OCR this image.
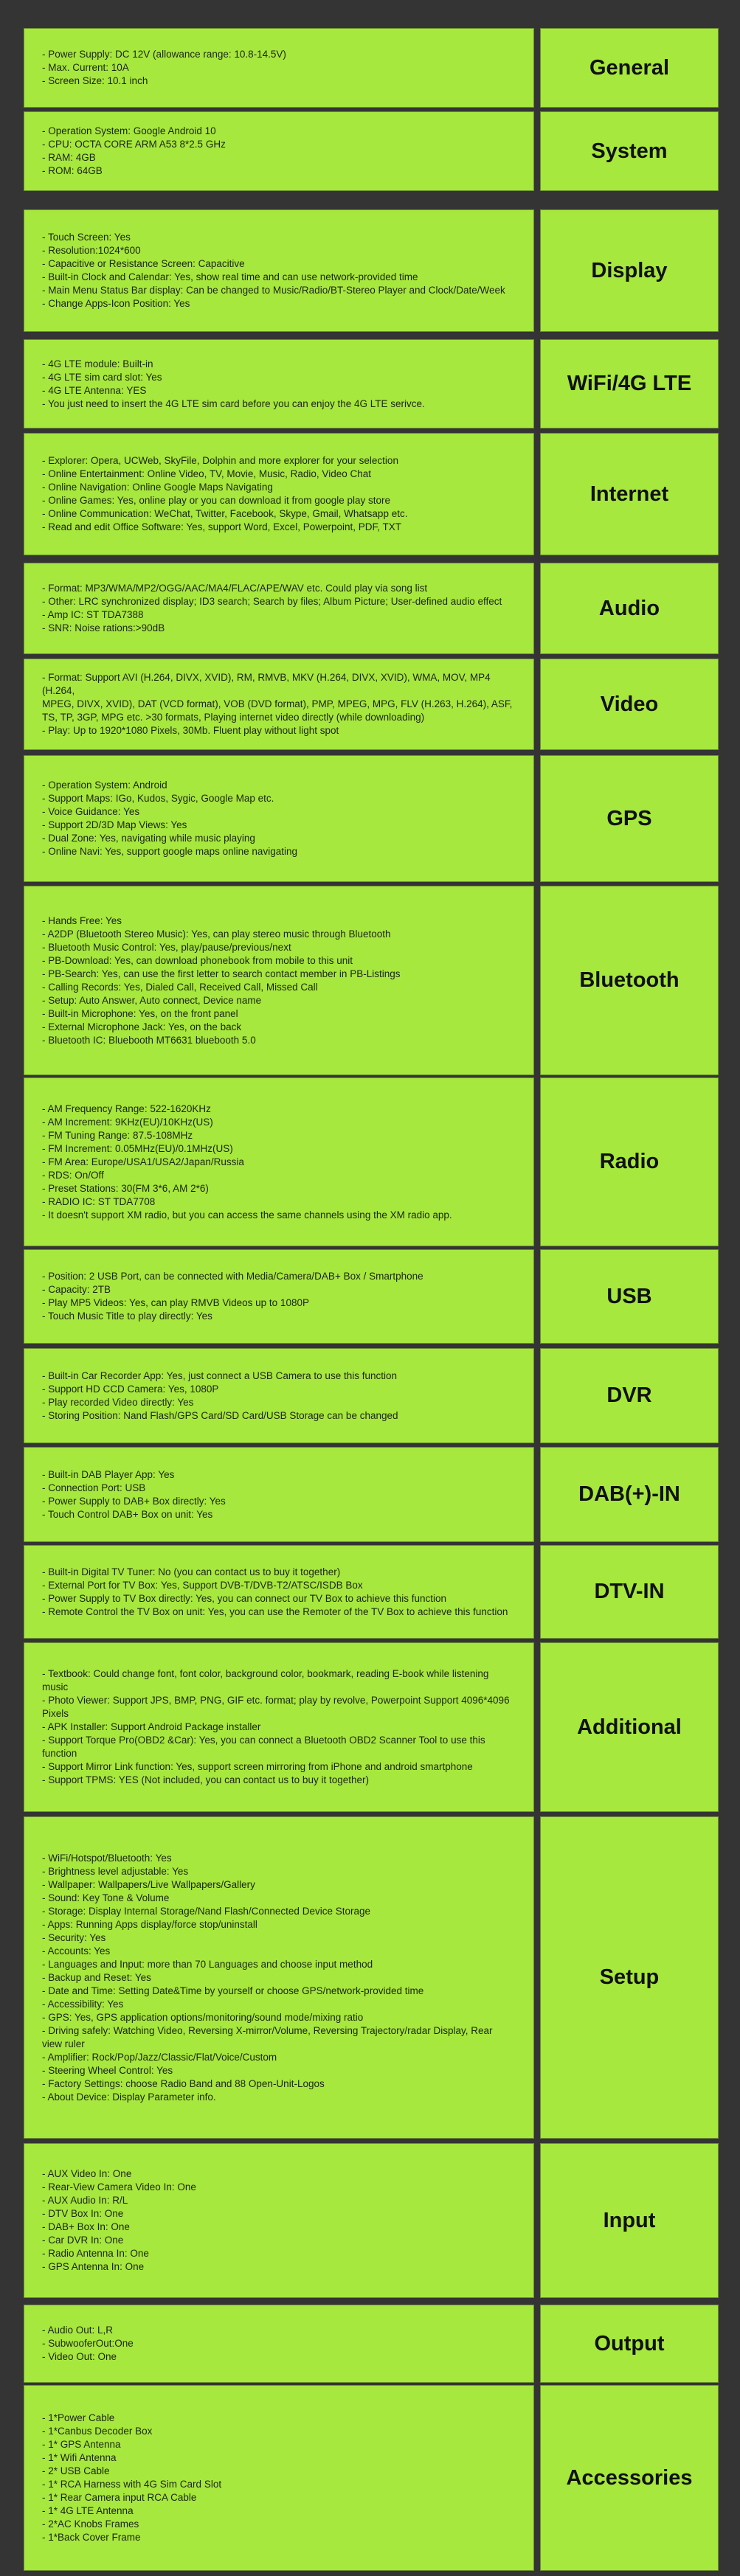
- Power Supply: DC 12V (allowance range: 10.8-14.5V)
- Max. Current: 10A
- Screen Size: 10.1 inch
General
- Operation System: Google Android 10
- CPU: OCTA CORE ARM A53 8*2.5 GHz
- RAM: 4GB
- ROM: 64GB
System
- Touch Screen: Yes
- Resolution:1024*600
- Capacitive or Resistance Screen: Capacitive
- Built-in Clock and Calendar: Yes, show real time and can use network-provided time
- Main Menu Status Bar display: Can be changed to Music/Radio/BT-Stereo Player and Clock/Date/Week
- Change Apps-Icon Position: Yes
Display
- 4G LTE module: Built-in
- 4G LTE sim card slot: Yes
- 4G LTE Antenna: YES
- You just need to insert the 4G LTE sim card before you can enjoy the 4G LTE serivce.
WiFi/4G LTE
- Explorer: Opera, UCWeb, SkyFile, Dolphin and more explorer for your selection
- Online Entertainment: Online Video, TV, Movie, Music, Radio, Video Chat
- Online Navigation: Online Google Maps Navigating
- Online Games: Yes, online play or you can download it from google play store
- Online Communication: WeChat, Twitter, Facebook, Skype, Gmail, Whatsapp etc.
- Read and edit Office Software: Yes, support Word, Excel, Powerpoint, PDF, TXT
Internet
- Format: MP3/WMA/MP2/OGG/AAC/MA4/FLAC/APE/WAV etc. Could play via song list
- Other: LRC synchronized display; ID3 search; Search by files; Album Picture; User-defined audio effect
- Amp IC: ST TDA7388
- SNR: Noise rations:>90dB
Audio
- Format: Support AVI (H.264, DIVX, XVID), RM, RMVB, MKV (H.264, DIVX, XVID), WMA, MOV, MP4 (H.264,
MPEG, DIVX, XVID), DAT (VCD format), VOB (DVD format), PMP, MPEG, MPG, FLV (H.263, H.264), ASF,
TS, TP, 3GP, MPG etc. >30 formats, Playing internet video directly (while downloading)
- Play: Up to 1920*1080 Pixels, 30Mb. Fluent play without light spot
Video
- Operation System: Android
- Support Maps: IGo, Kudos, Sygic, Google Map etc.
- Voice Guidance: Yes
- Support 2D/3D Map Views: Yes
- Dual Zone: Yes, navigating while music playing
- Online Navi: Yes, support google maps online navigating
GPS
- Hands Free: Yes
- A2DP (Bluetooth Stereo Music): Yes, can play stereo music through Bluetooth
- Bluetooth Music Control: Yes, play/pause/previous/next
- PB-Download: Yes, can download phonebook from mobile to this unit
- PB-Search: Yes, can use the first letter to search contact member in PB-Listings
- Calling Records: Yes, Dialed Call, Received Call, Missed Call
- Setup: Auto Answer, Auto connect, Device name
- Built-in Microphone: Yes, on the front panel
- External Microphone Jack: Yes, on the back
- Bluetooth IC: Bluebooth MT6631 bluebooth 5.0
Bluetooth
- AM Frequency Range: 522-1620KHz
- AM Increment: 9KHz(EU)/10KHz(US)
- FM Tuning Range: 87.5-108MHz
- FM Increment: 0.05MHz(EU)/0.1MHz(US)
- FM Area: Europe/USA1/USA2/Japan/Russia
- RDS: On/Off
- Preset Stations: 30(FM 3*6, AM 2*6)
- RADIO IC: ST TDA7708
- It doesn't support XM radio, but you can access the same channels using the XM radio app.
Radio
- Position: 2 USB Port, can be connected with Media/Camera/DAB+ Box / Smartphone
- Capacity: 2TB
- Play MP5 Videos: Yes, can play RMVB Videos up to 1080P
- Touch Music Title to play directly: Yes
USB
- Built-in Car Recorder App: Yes, just connect a USB Camera to use this function
- Support HD CCD Camera: Yes, 1080P
- Play recorded Video directly: Yes
- Storing Position: Nand Flash/GPS Card/SD Card/USB Storage can be changed
DVR
- Built-in DAB Player App: Yes
- Connection Port: USB
- Power Supply to DAB+ Box directly: Yes
- Touch Control DAB+ Box on unit: Yes
DAB(+)-IN
- Built-in Digital TV Tuner: No (you can contact us to buy it together)
- External Port for TV Box: Yes, Support DVB-T/DVB-T2/ATSC/ISDB Box
- Power Supply to TV Box directly: Yes, you can connect our TV Box to achieve this function
- Remote Control the TV Box on unit: Yes, you can use the Remoter of the TV Box to achieve this function
DTV-IN
- Textbook: Could change font, font color, background color, bookmark, reading E-book while listening
music
- Photo Viewer: Support JPS, BMP, PNG, GIF etc. format; play by revolve, Powerpoint Support 4096*4096
Pixels
- APK Installer: Support Android Package installer
- Support Torque Pro(OBD2 &Car): Yes, you can connect a Bluetooth OBD2 Scanner Tool to use this
function
- Support Mirror Link function: Yes, support screen mirroring from iPhone and android smartphone
- Support TPMS: YES (Not included, you can contact us to buy it together)
Additional
- WiFi/Hotspot/Bluetooth: Yes
- Brightness level adjustable: Yes
- Wallpaper: Wallpapers/Live Wallpapers/Gallery
- Sound: Key Tone & Volume
- Storage: Display Internal Storage/Nand Flash/Connected Device Storage
- Apps: Running Apps display/force stop/uninstall
- Security: Yes
- Accounts: Yes
- Languages and Input: more than 70 Languages and choose input method
- Backup and Reset: Yes
- Date and Time: Setting Date&Time by yourself or choose GPS/network-provided time
- Accessibility: Yes
- GPS: Yes, GPS application options/monitoring/sound mode/mixing ratio
- Driving safely: Watching Video, Reversing X-mirror/Volume, Reversing Trajectory/radar Display, Rear
view ruler
- Amplifier: Rock/Pop/Jazz/Classic/Flat/Voice/Custom
- Steering Wheel Control: Yes
- Factory Settings: choose Radio Band and 88 Open-Unit-Logos
- About Device: Display Parameter info.
Setup
- AUX Video In: One
- Rear-View Camera Video In: One
- AUX Audio In: R/L
- DTV Box In: One
- DAB+ Box In: One
- Car DVR In: One
- Radio Antenna In: One
- GPS Antenna In: One
Input
- Audio Out: L,R
- SubwooferOut:One
- Video Out: One
Output
- 1*Power Cable
- 1*Canbus Decoder Box
- 1* GPS Antenna
- 1* Wifi Antenna
- 2* USB Cable
- 1* RCA Harness with 4G Sim Card Slot
- 1* Rear Camera input RCA Cable
- 1* 4G LTE Antenna
- 2*AC Knobs Frames
- 1*Back Cover Frame
Accessories
